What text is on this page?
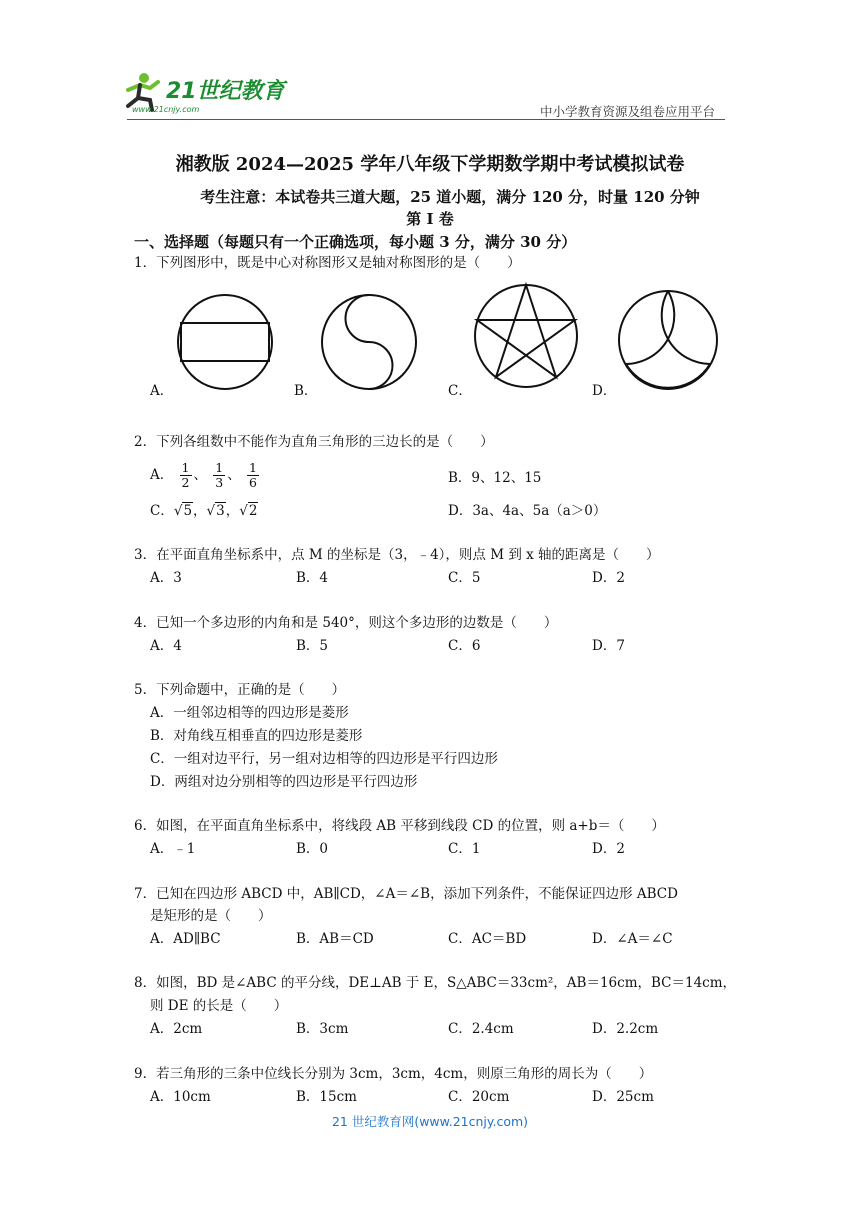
21世纪教育
www.21cnjy.com	中小学教育资源及组卷应用平台
湘教版 2024—2025 学年八年级下学期数学期中考试模拟试卷
考生注意：本试卷共三道大题，25 道小题，满分 120 分，时量 120 分钟
第 I 卷
一、选择题（每题只有一个正确选项，每小题 3 分，满分 30 分）
1．下列图形中，既是中心对称图形又是轴对称图形的是（　　）
A．	B．	C．	D．
2．下列各组数中不能作为直角三角形的三边长的是（　　）
A． $\frac{1}{2}$ 、 $\frac{1}{3}$ 、 $\frac{1}{6}$	B．9、12、15
C．√5，√3，√2	D．3a、4a、5a（a＞0）
3．在平面直角坐标系中，点 M 的坐标是（3，﹣4），则点 M 到 x 轴的距离是（　　）
A．3	B．4	C．5	D．2
4．已知一个多边形的内角和是 540°，则这个多边形的边数是（　　）
A．4	B．5	C．6	D．7
5．下列命题中，正确的是（　　）
A．一组邻边相等的四边形是菱形
B．对角线互相垂直的四边形是菱形
C．一组对边平行，另一组对边相等的四边形是平行四边形
D．两组对边分别相等的四边形是平行四边形
6．如图，在平面直角坐标系中，将线段 AB 平移到线段 CD 的位置，则 a+b＝（　　）
A．﹣1	B．0	C．1	D．2
7．已知在四边形 ABCD 中，AB∥CD，∠A＝∠B，添加下列条件，不能保证四边形 ABCD
是矩形的是（　　）
A．AD∥BC	B．AB＝CD	C．AC＝BD	D．∠A＝∠C
8．如图，BD 是∠ABC 的平分线，DE⊥AB 于 E，S△ABC＝33cm²，AB＝16cm，BC＝14cm，
则 DE 的长是（　　）
A．2cm	B．3cm	C．2.4cm	D．2.2cm
9．若三角形的三条中位线长分别为 3cm，3cm，4cm，则原三角形的周长为（　　）
A．10cm	B．15cm	C．20cm	D．25cm
21 世纪教育网(www.21cnjy.com)
